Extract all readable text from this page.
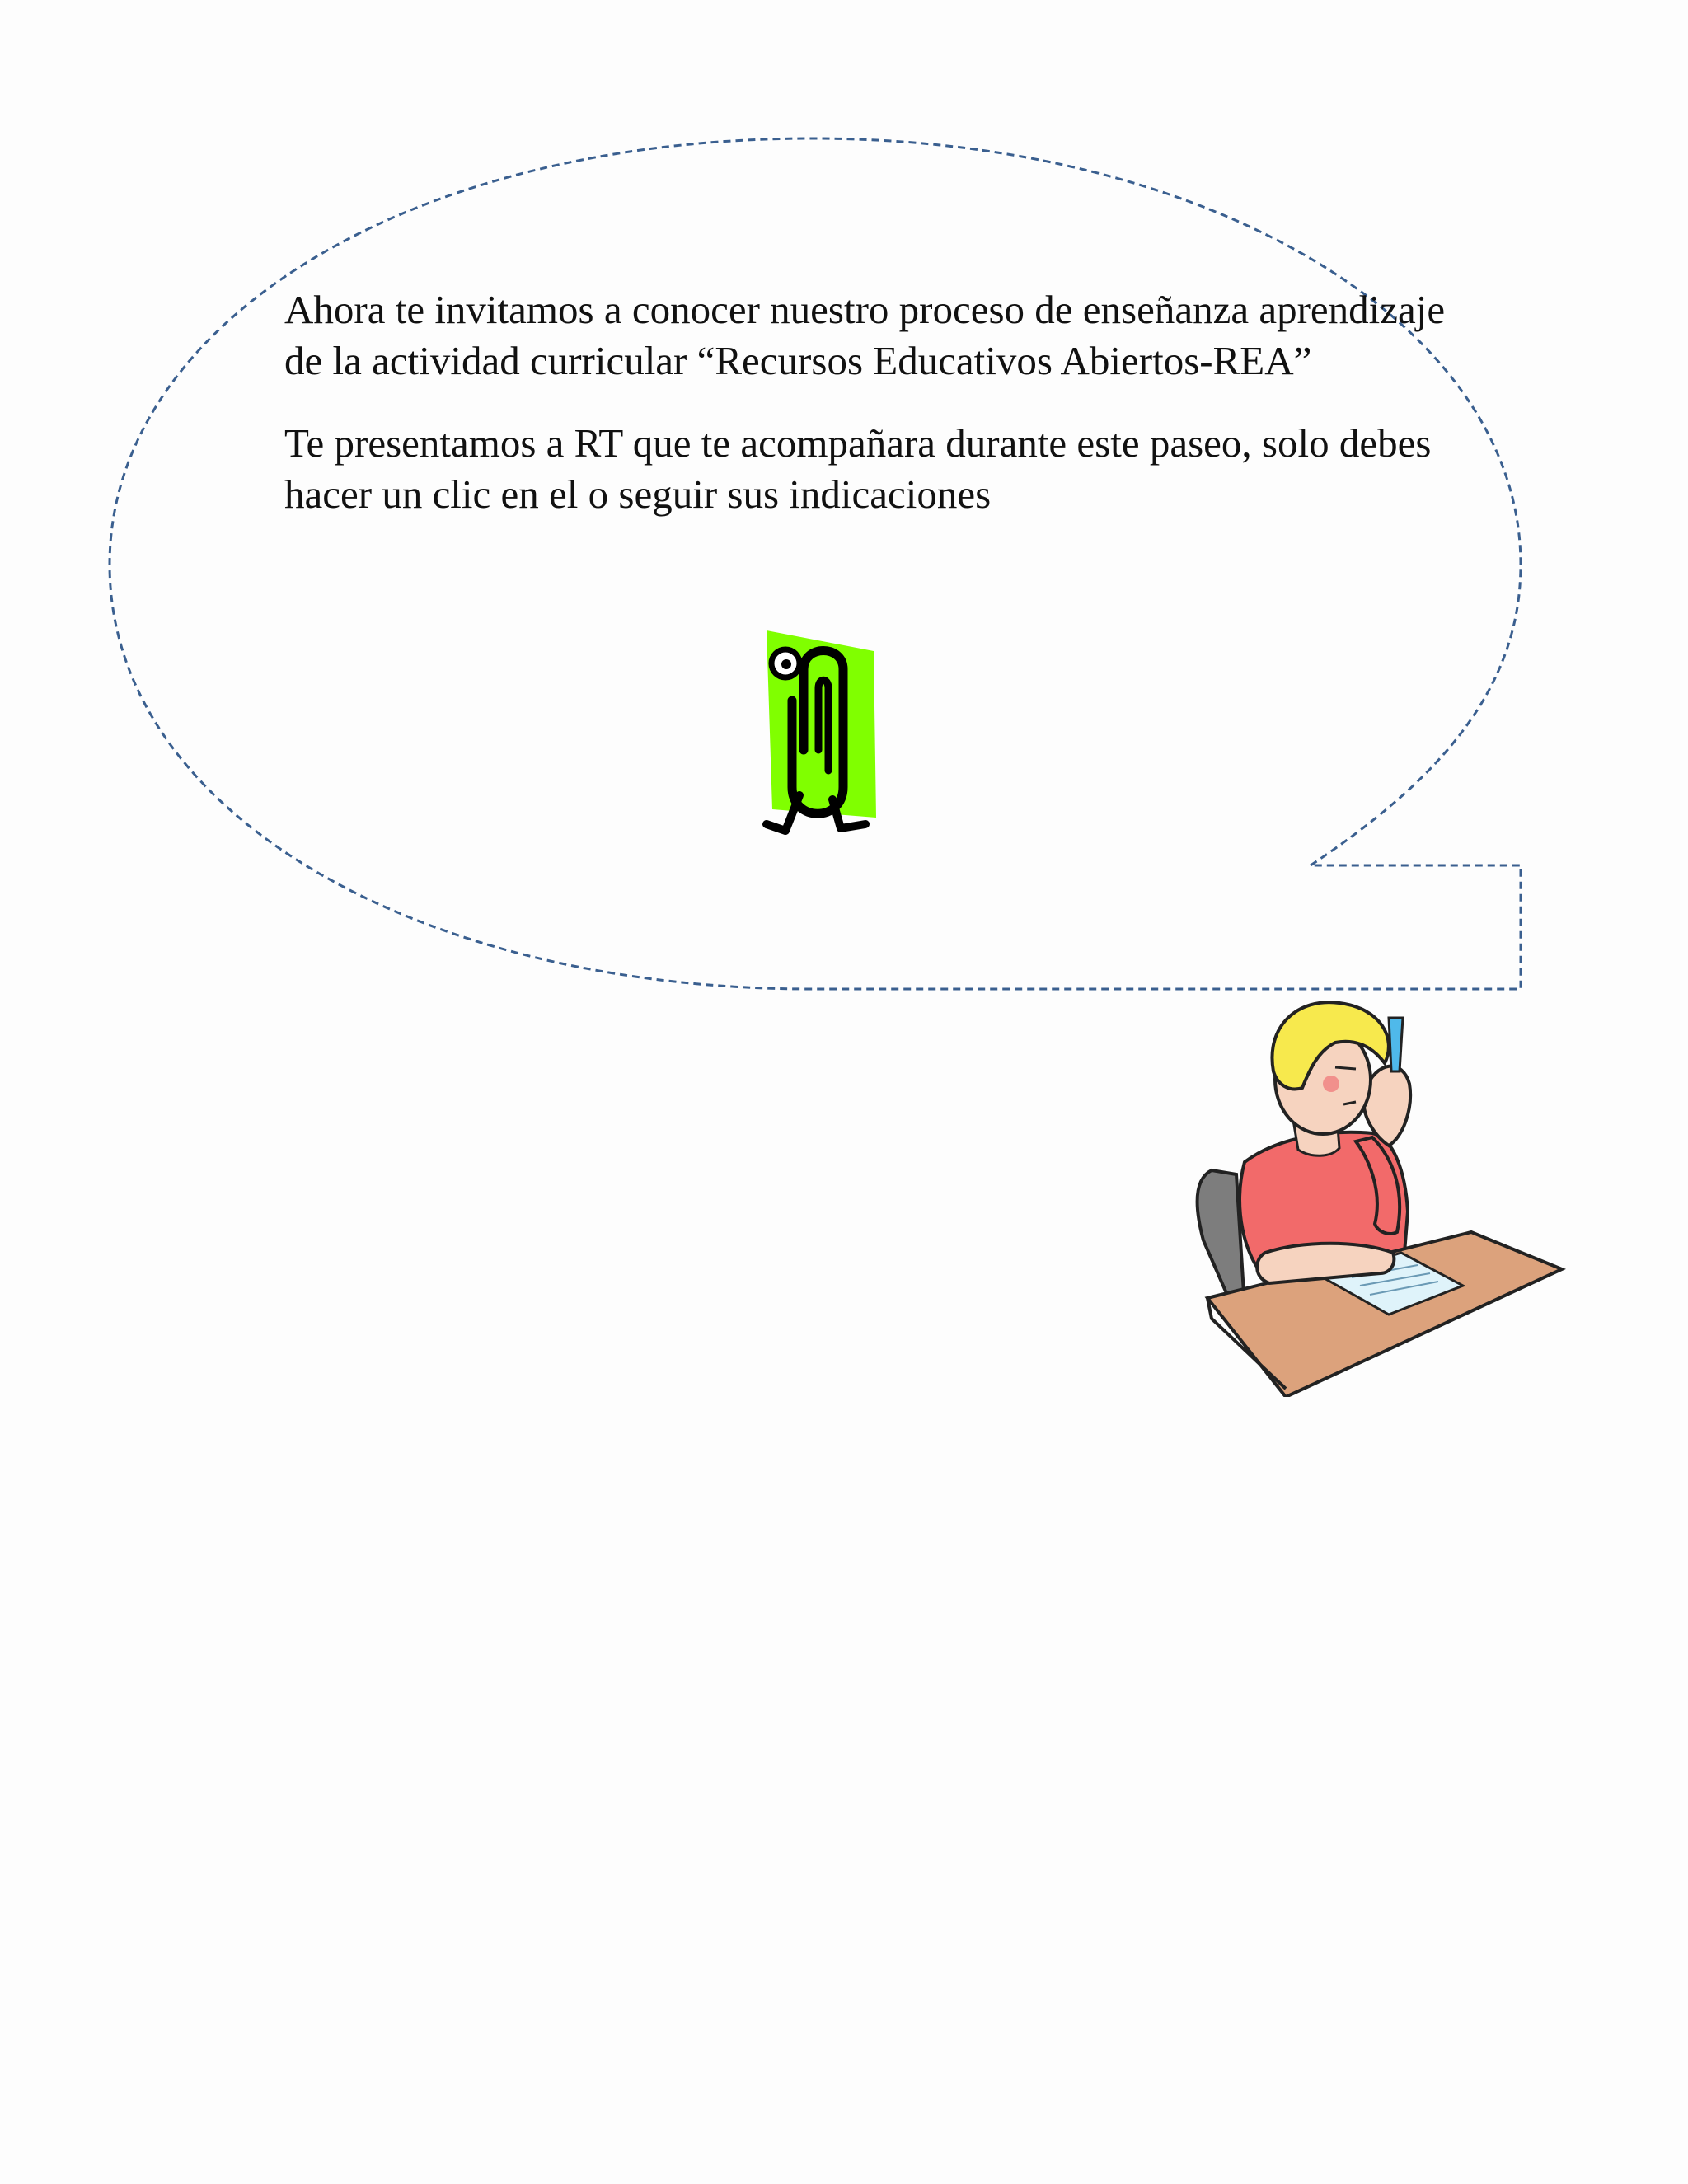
Ahora te invitamos a conocer nuestro proceso de enseñanza aprendizaje de la actividad curricular “Recursos Educativos Abiertos-REA”

Te presentamos a RT que te acompañara durante este paseo, solo debes hacer un clic en el o seguir sus indicaciones
